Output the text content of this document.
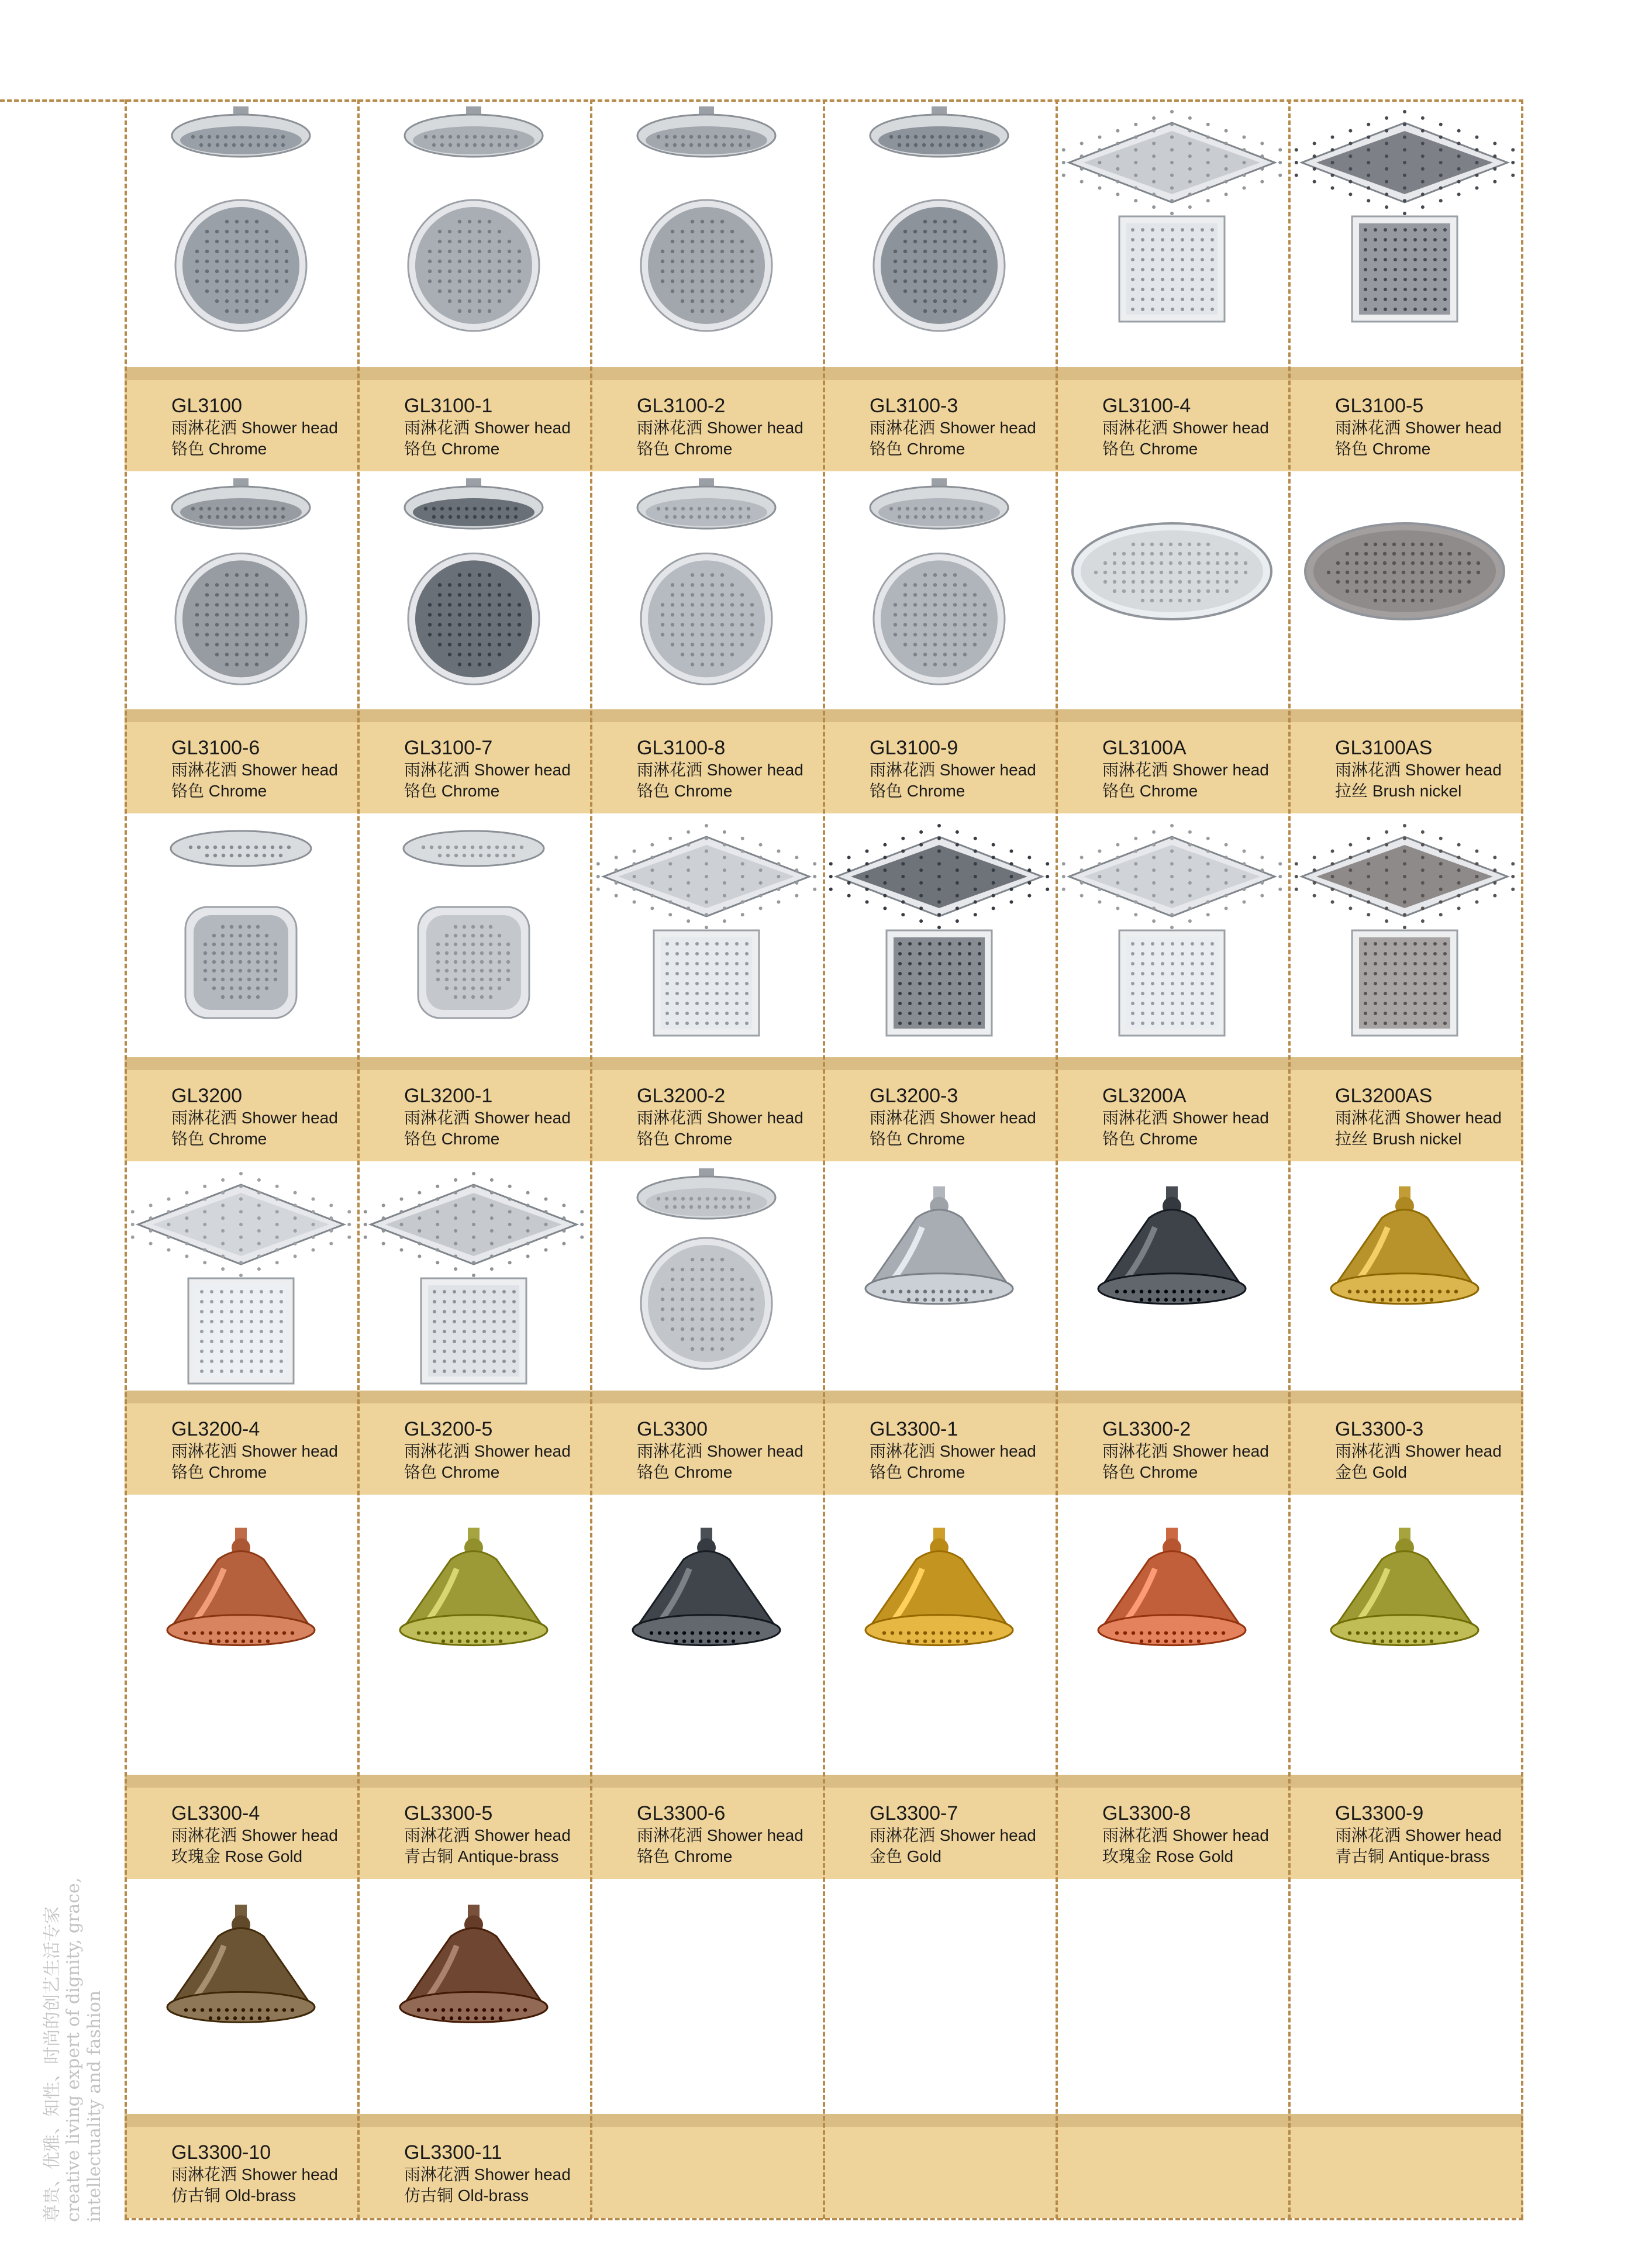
GL3100
雨淋花洒 Shower head
铬色 Chrome
GL3100-1
雨淋花洒 Shower head
铬色 Chrome
GL3100-2
雨淋花洒 Shower head
铬色 Chrome
GL3100-3
雨淋花洒 Shower head
铬色 Chrome
GL3100-4
雨淋花洒 Shower head
铬色 Chrome
GL3100-5
雨淋花洒 Shower head
铬色 Chrome
GL3100-6
雨淋花洒 Shower head
铬色 Chrome
GL3100-7
雨淋花洒 Shower head
铬色 Chrome
GL3100-8
雨淋花洒 Shower head
铬色 Chrome
GL3100-9
雨淋花洒 Shower head
铬色 Chrome
GL3100A
雨淋花洒 Shower head
铬色 Chrome
GL3100AS
雨淋花洒 Shower head
拉丝 Brush nickel
GL3200
雨淋花洒 Shower head
铬色 Chrome
GL3200-1
雨淋花洒 Shower head
铬色 Chrome
GL3200-2
雨淋花洒 Shower head
铬色 Chrome
GL3200-3
雨淋花洒 Shower head
铬色 Chrome
GL3200A
雨淋花洒 Shower head
铬色 Chrome
GL3200AS
雨淋花洒 Shower head
拉丝 Brush nickel
GL3200-4
雨淋花洒 Shower head
铬色 Chrome
GL3200-5
雨淋花洒 Shower head
铬色 Chrome
GL3300
雨淋花洒 Shower head
铬色 Chrome
GL3300-1
雨淋花洒 Shower head
铬色 Chrome
GL3300-2
雨淋花洒 Shower head
铬色 Chrome
GL3300-3
雨淋花洒 Shower head
金色 Gold
GL3300-4
雨淋花洒 Shower head
玫瑰金 Rose Gold
GL3300-5
雨淋花洒 Shower head
青古铜 Antique-brass
GL3300-6
雨淋花洒 Shower head
铬色 Chrome
GL3300-7
雨淋花洒 Shower head
金色 Gold
GL3300-8
雨淋花洒 Shower head
玫瑰金 Rose Gold
GL3300-9
雨淋花洒 Shower head
青古铜 Antique-brass
GL3300-10
雨淋花洒 Shower head
仿古铜 Old-brass
GL3300-11
雨淋花洒 Shower head
仿古铜 Old-brass
尊贵、优雅、知性、时尚的创艺生活专家 creative living expert of dignity, grace, intellectuality and fashion
